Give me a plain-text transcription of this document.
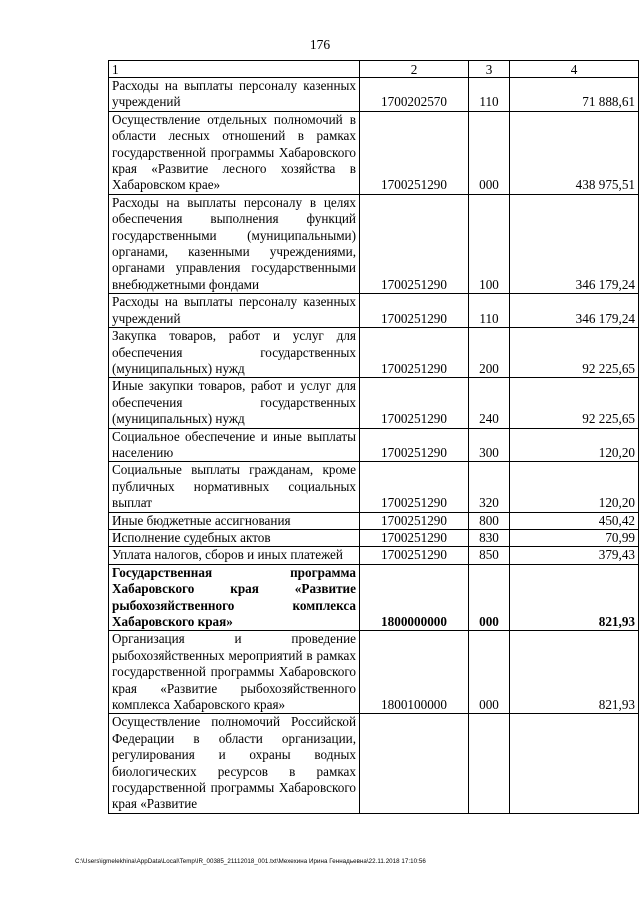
176
1	2	3	4
Расходы на выплаты персоналу казенных учреждений	1700202570	110	71 888,61
Осуществление отдельных полномочий в области лесных отношений в рамках государственной программы Хабаровского края «Развитие лесного хозяйства в Хабаровском крае»	1700251290	000	438 975,51
Расходы на выплаты персоналу в целях обеспечения выполнения функций государственными (муниципальными) органами, казенными учреждениями, органами управления государственными внебюджетными фондами	1700251290	100	346 179,24
Расходы на выплаты персоналу казенных учреждений	1700251290	110	346 179,24
Закупка товаров, работ и услуг для обеспечения государственных (муниципальных) нужд	1700251290	200	92 225,65
Иные закупки товаров, работ и услуг для обеспечения государственных (муниципальных) нужд	1700251290	240	92 225,65
Социальное обеспечение и иные выплаты населению	1700251290	300	120,20
Социальные выплаты гражданам, кроме публичных нормативных социальных выплат	1700251290	320	120,20
Иные бюджетные ассигнования	1700251290	800	450,42
Исполнение судебных актов	1700251290	830	70,99
Уплата налогов, сборов и иных платежей	1700251290	850	379,43
Государственная программа Хабаровского края «Развитие рыбохозяйственного комплекса Хабаровского края»	1800000000	000	821,93
Организация и проведение рыбохозяйственных мероприятий в рамках государственной программы Хабаровского края «Развитие рыбохозяйственного комплекса Хабаровского края»	1800100000	000	821,93
Осуществление полномочий Российской Федерации в области организации, регулирования и охраны водных биологических ресурсов в рамках государственной программы Хабаровского края «Развитие			
C:\Users\igmelekhina\AppData\Local\Temp\IR_00385_21112018_001.txt\Мехехина Ирина Геннадьевна\22.11.2018 17:10:56
